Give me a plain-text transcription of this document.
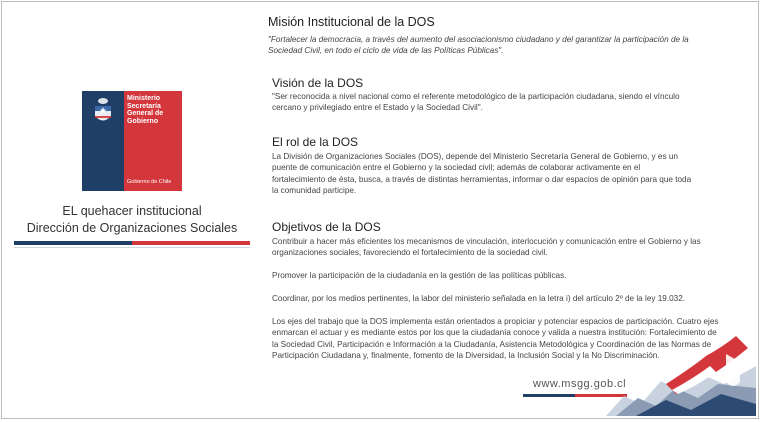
Ministerio
Secretaría
General de
Gobierno
Gobierno de Chile
EL quehacer institucional
Dirección de Organizaciones Sociales
Misión Institucional de la DOS

"Fortalecer la democracia, a través del aumento del asociacionismo ciudadano y del garantizar la participación de la Sociedad Civil, en todo el ciclo de vida de las Políticas Públicas".

Visión de la DOS

"Ser reconocida a nivel nacional como el referente metodológico de la participación ciudadana, siendo el vínculo cercano y privilegiado entre el Estado y la Sociedad Civil".

El rol de la DOS

La División de Organizaciones Sociales (DOS), depende del Ministerio Secretaría General de Gobierno, y es un puente de comunicación entre el Gobierno y la sociedad civil; además de colaborar activamente en el fortalecimiento de ésta, busca, a través de distintas herramientas, informar o dar espacios de opinión para que toda la comunidad participe.

Objetivos de la DOS
Contribuir a hacer más eficientes los mecanismos de vinculación, interlocución y comunicación entre el Gobierno y las organizaciones sociales, favoreciendo el fortalecimiento de la sociedad civil.
Promover la participación de la ciudadanía en la gestión de las políticas públicas.
Coordinar, por los medios pertinentes, la labor del ministerio señalada en la letra i) del artículo 2º de la ley 19.032.
Los ejes del trabajo que la DOS implementa están orientados a propiciar y potenciar espacios de participación. Cuatro ejes enmarcan el actuar y es mediante estos por los que la ciudadanía conoce y valida a nuestra institución: Fortalecimiento de la Sociedad Civil, Participación e Información a la Ciudadanía, Asistencia Metodológica y Coordinación de las Normas de Participación Ciudadana y, finalmente, fomento de la Diversidad, la Inclusión Social y la No Discriminación.
www.msgg.gob.cl
